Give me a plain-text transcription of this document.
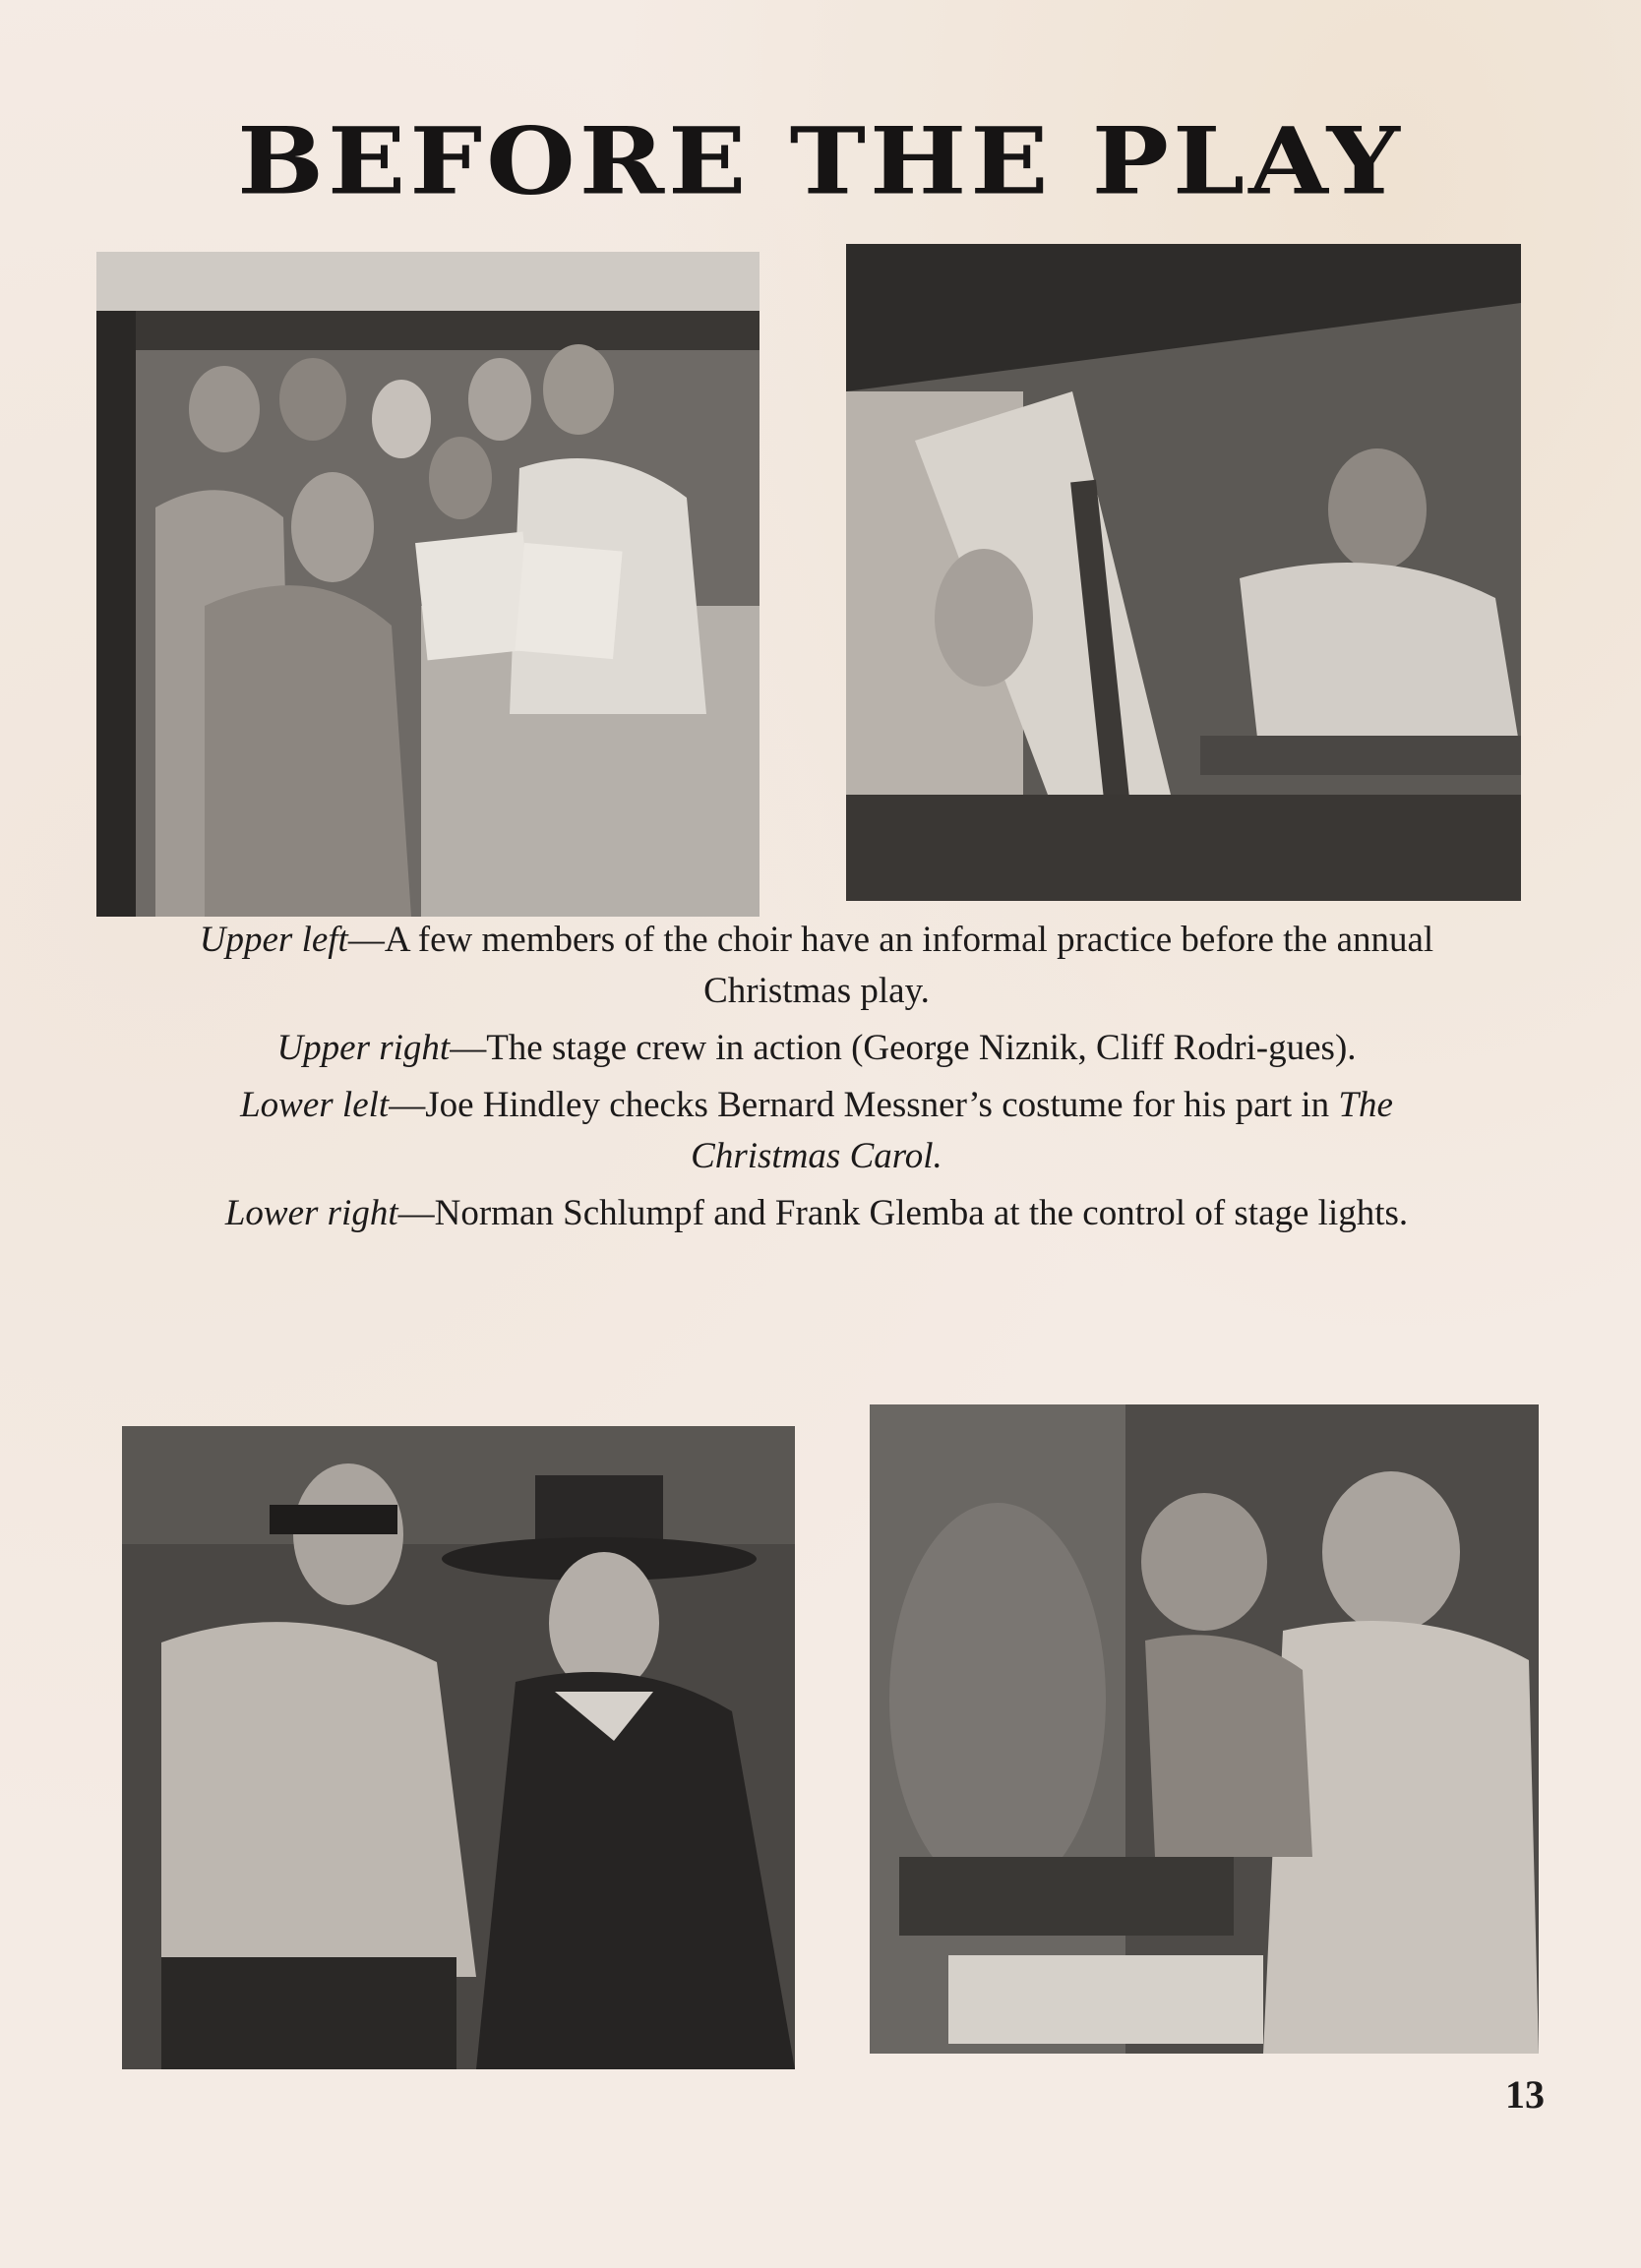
BEFORE THE PLAY

Upper left—A few members of the choir have an informal practice before the annual Christmas play.

Upper right—The stage crew in action (George Niznik, Cliff Rodri-gues).

Lower lelt—Joe Hindley checks Bernard Messner’s costume for his part in The Christmas Carol.

Lower right—Norman Schlumpf and Frank Glemba at the control of stage lights.

13
